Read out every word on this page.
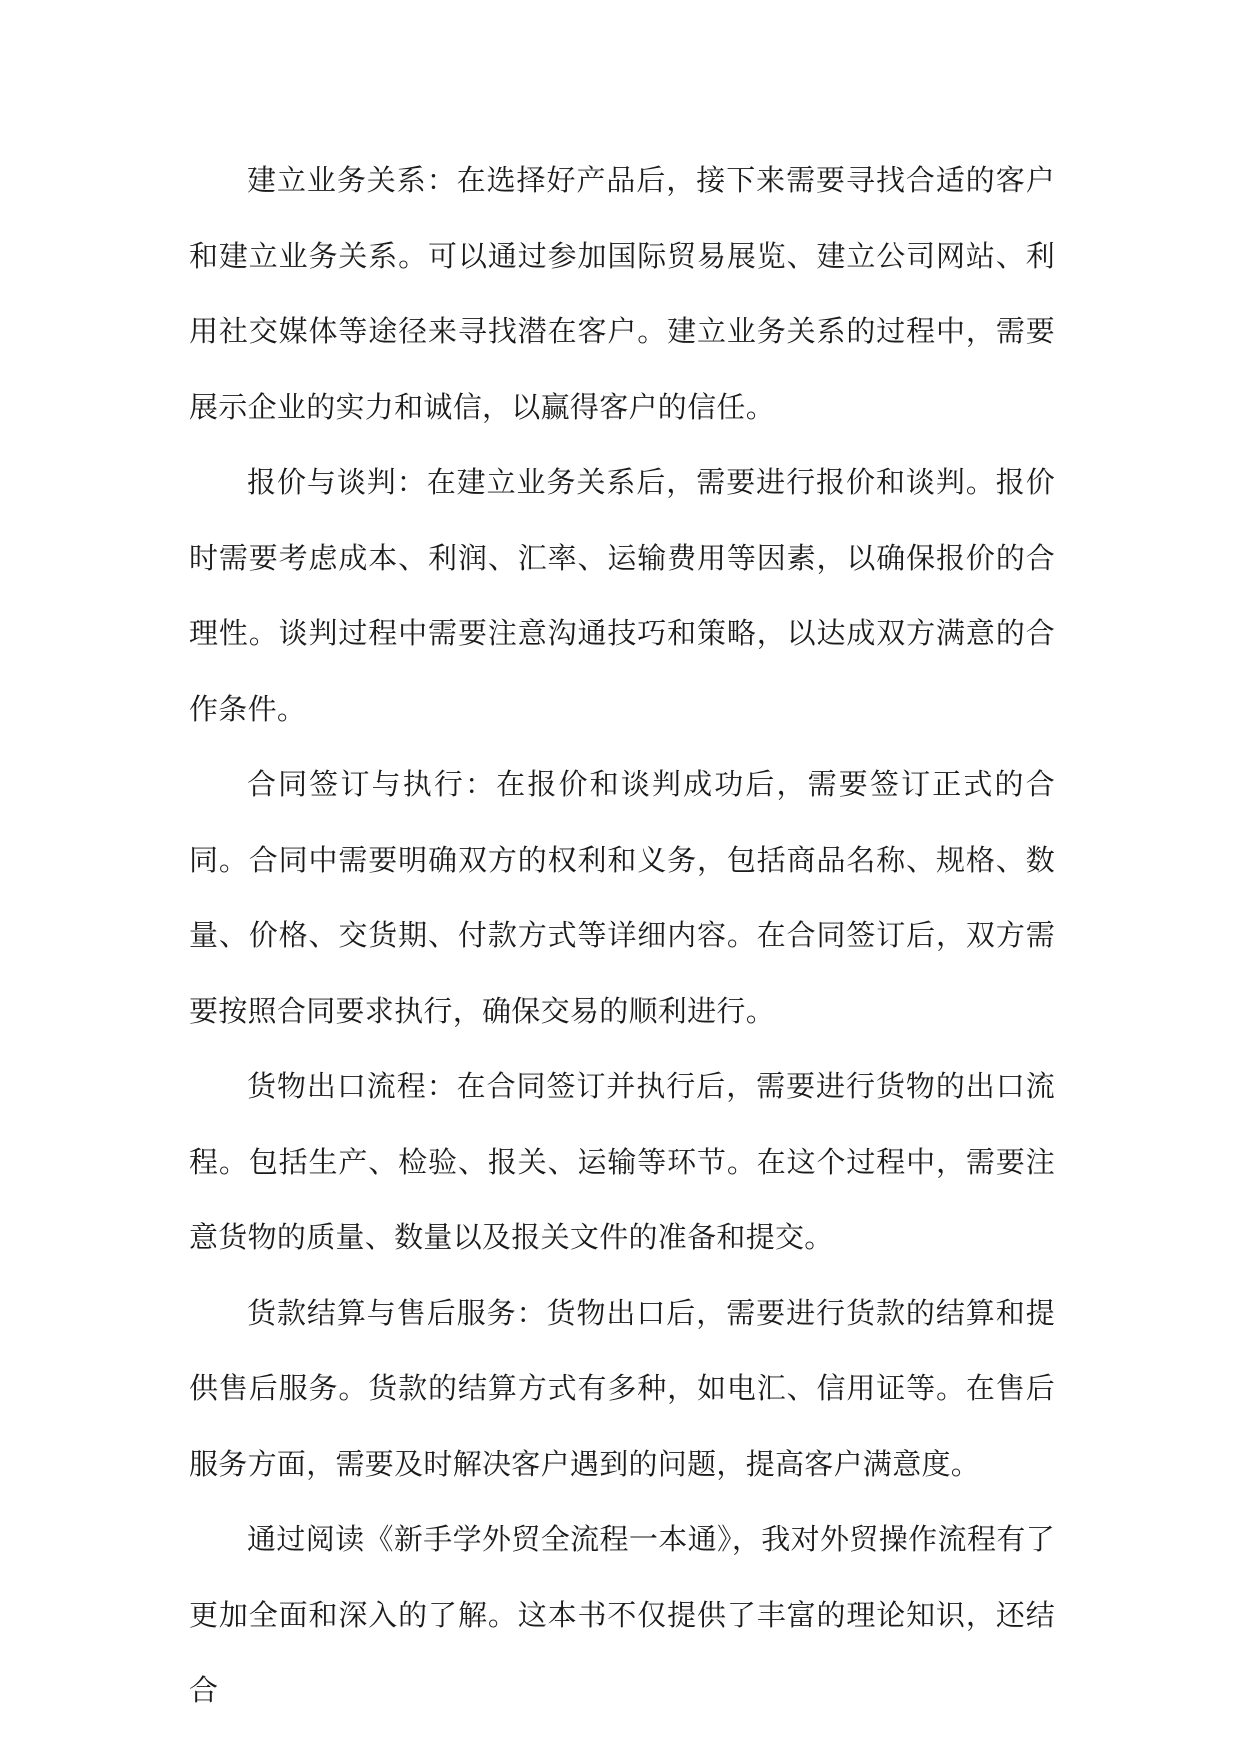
建立业务关系：在选择好产品后，接下来需要寻找合适的客户和建立业务关系。可以通过参加国际贸易展览、建立公司网站、利用社交媒体等途径来寻找潜在客户。建立业务关系的过程中，需要展示企业的实力和诚信，以赢得客户的信任。

报价与谈判：在建立业务关系后，需要进行报价和谈判。报价时需要考虑成本、利润、汇率、运输费用等因素，以确保报价的合理性。谈判过程中需要注意沟通技巧和策略，以达成双方满意的合作条件。

合同签订与执行：在报价和谈判成功后，需要签订正式的合同。合同中需要明确双方的权利和义务，包括商品名称、规格、数量、价格、交货期、付款方式等详细内容。在合同签订后，双方需要按照合同要求执行，确保交易的顺利进行。

货物出口流程：在合同签订并执行后，需要进行货物的出口流程。包括生产、检验、报关、运输等环节。在这个过程中，需要注意货物的质量、数量以及报关文件的准备和提交。

货款结算与售后服务：货物出口后，需要进行货款的结算和提供售后服务。货款的结算方式有多种，如电汇、信用证等。在售后服务方面，需要及时解决客户遇到的问题，提高客户满意度。

通过阅读《新手学外贸全流程一本通》，我对外贸操作流程有了更加全面和深入的了解。这本书不仅提供了丰富的理论知识，还结合
